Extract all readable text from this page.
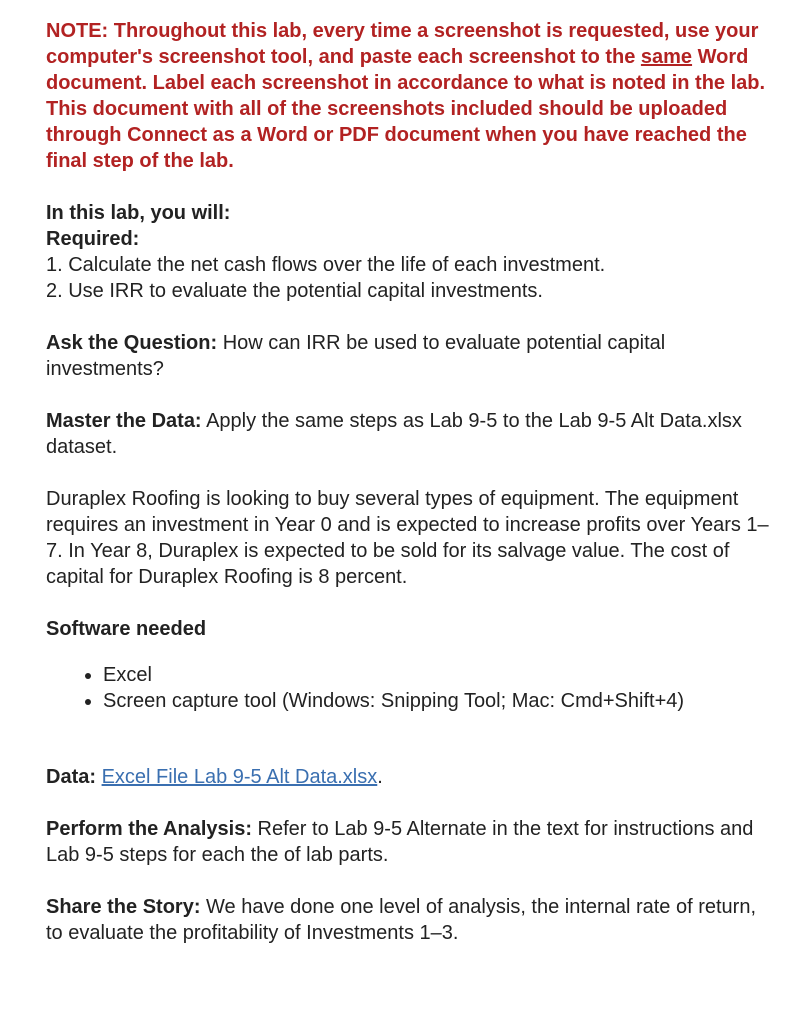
NOTE: Throughout this lab, every time a screenshot is requested, use your computer's screenshot tool, and paste each screenshot to the same Word document. Label each screenshot in accordance to what is noted in the lab. This document with all of the screenshots included should be uploaded through Connect as a Word or PDF document when you have reached the final step of the lab.

In this lab, you will:
Required:
1. Calculate the net cash flows over the life of each investment.
2. Use IRR to evaluate the potential capital investments.

Ask the Question: How can IRR be used to evaluate potential capital investments?

Master the Data: Apply the same steps as Lab 9-5 to the Lab 9-5 Alt Data.xlsx dataset.

Duraplex Roofing is looking to buy several types of equipment. The equipment requires an investment in Year 0 and is expected to increase profits over Years 1–7. In Year 8, Duraplex is expected to be sold for its salvage value. The cost of capital for Duraplex Roofing is 8 percent.

Software needed

• Excel
• Screen capture tool (Windows: Snipping Tool; Mac: Cmd+Shift+4)

Data: Excel File Lab 9-5 Alt Data.xlsx.

Perform the Analysis: Refer to Lab 9-5 Alternate in the text for instructions and Lab 9-5 steps for each the of lab parts.

Share the Story: We have done one level of analysis, the internal rate of return, to evaluate the profitability of Investments 1–3.
